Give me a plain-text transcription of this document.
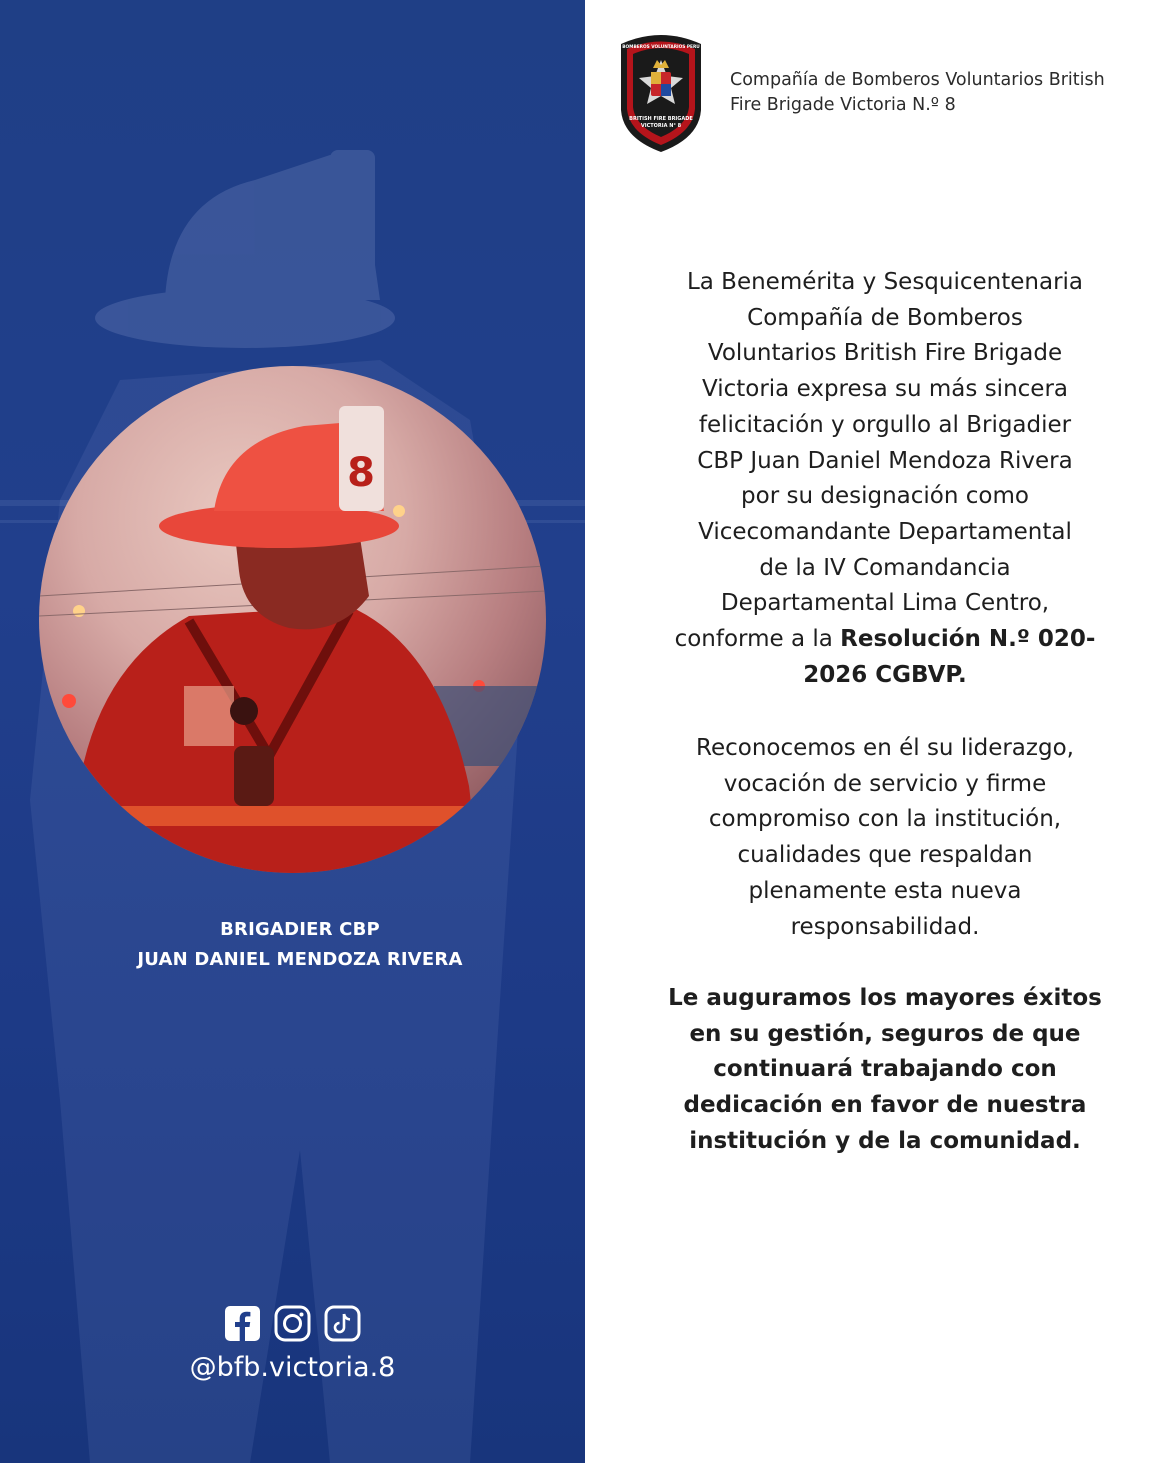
8
BRIGADIER CBP
JUAN DANIEL MENDOZA RIVERA
@bfb.victoria.8
BRITISH FIRE BRIGADE
VICTORIA N° 8
BOMBEROS VOLUNTARIOS PERU
Compañía de Bomberos Voluntarios British
Fire Brigade Victoria N.º 8
La Benemérita y Sesquicentenaria
Compañía de Bomberos
Voluntarios British Fire Brigade
Victoria expresa su más sincera
felicitación y orgullo al Brigadier
CBP Juan Daniel Mendoza Rivera
por su designación como
Vicecomandante Departamental
de la IV Comandancia
Departamental Lima Centro,
conforme a la Resolución N.º 020-
2026 CGBVP.
Reconocemos en él su liderazgo,
vocación de servicio y firme
compromiso con la institución,
cualidades que respaldan
plenamente esta nueva
responsabilidad.
Le auguramos los mayores éxitos
en su gestión, seguros de que
continuará trabajando con
dedicación en favor de nuestra
institución y de la comunidad.
